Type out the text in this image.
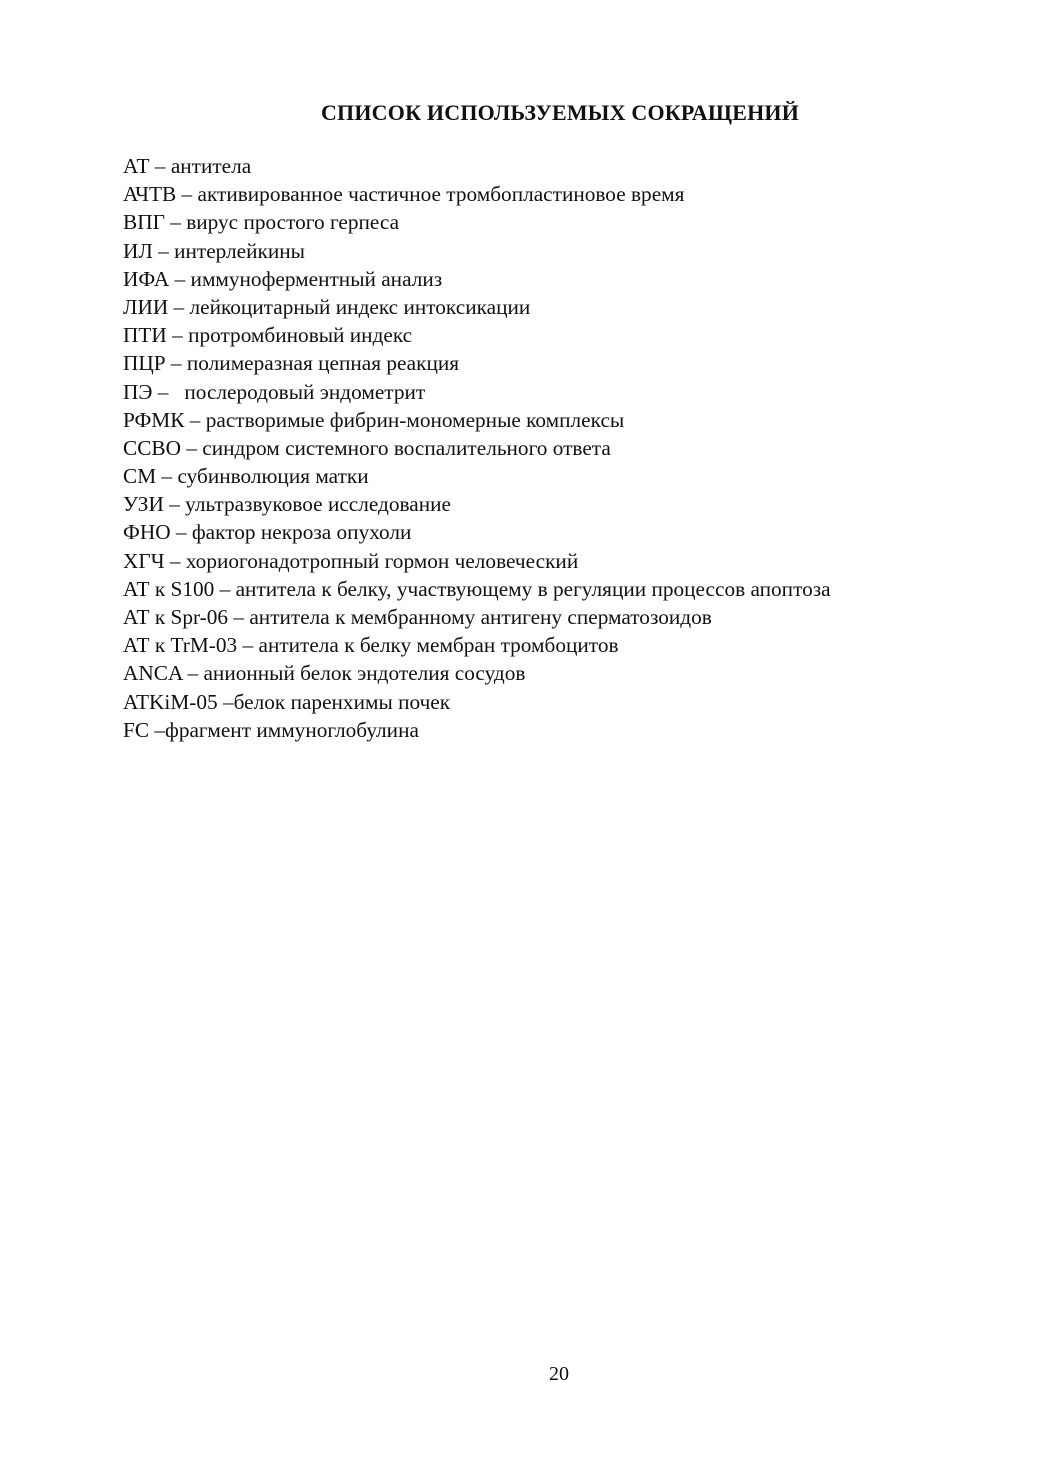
СПИСОК ИСПОЛЬЗУЕМЫХ СОКРАЩЕНИЙ
АТ – антитела
АЧТВ – активированное частичное тромбопластиновое время
ВПГ – вирус простого герпеса
ИЛ – интерлейкины
ИФА – иммуноферментный анализ
ЛИИ – лейкоцитарный индекс интоксикации
ПТИ – протромбиновый индекс
ПЦР – полимеразная цепная реакция
ПЭ –   послеродовый эндометрит
РФМК – растворимые фибрин-мономерные комплексы
ССВО – синдром системного воспалительного ответа
СМ – субинволюция матки
УЗИ – ультразвуковое исследование
ФНО – фактор некроза опухоли
ХГЧ – хориогонадотропный гормон человеческий
АТ к S100 – антитела к белку, участвующему в регуляции процессов апоптоза
АТ к Spr-06 – антитела к мембранному антигену сперматозоидов
АТ к TrM-03 – антитела к белку мембран тромбоцитов
ANCA – анионный белок эндотелия сосудов
ATKiM-05 –белок паренхимы почек
FC –фрагмент иммуноглобулина
20
